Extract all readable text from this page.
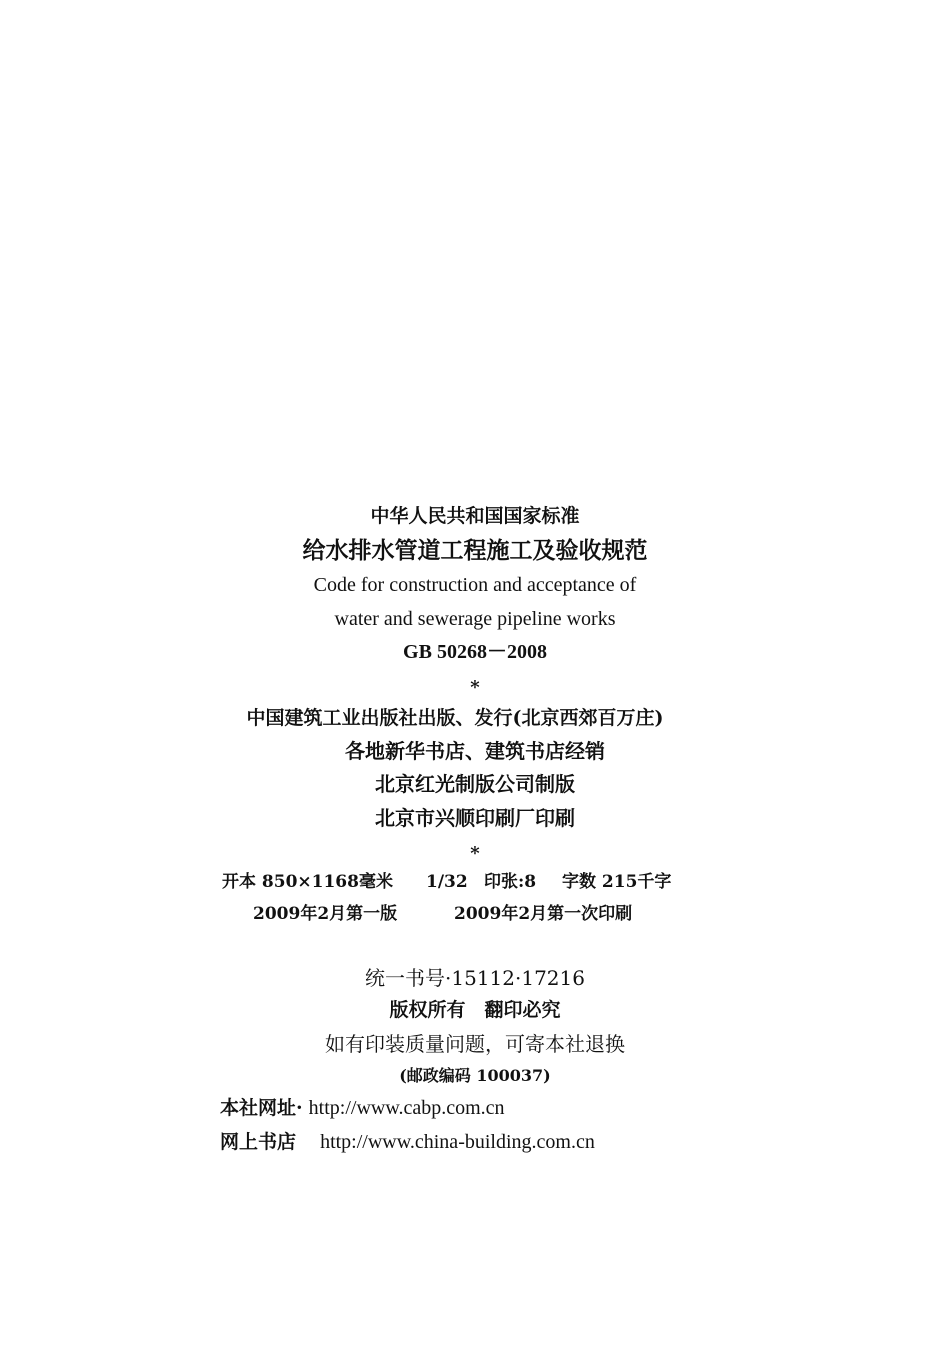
中华人民共和国国家标准
给水排水管道工程施工及验收规范
Code for construction and acceptance of
water and sewerage pipeline works
GB 50268－2008
*
中国建筑工业出版社出版、发行(北京西郊百万庄)
各地新华书店、建筑书店经销
北京红光制版公司制版
北京市兴顺印刷厂印刷
*
开本 850×1168毫米 1/32 印张:8 字数 215千字
2009年2月第一版	2009年2月第一次印刷
统一书号·15112·17216
版权所有　翻印必究
如有印装质量问题，可寄本社退换
(邮政编码 100037)
本社网址· http://www.cabp.com.cn
网上书店 http://www.china-building.com.cn
